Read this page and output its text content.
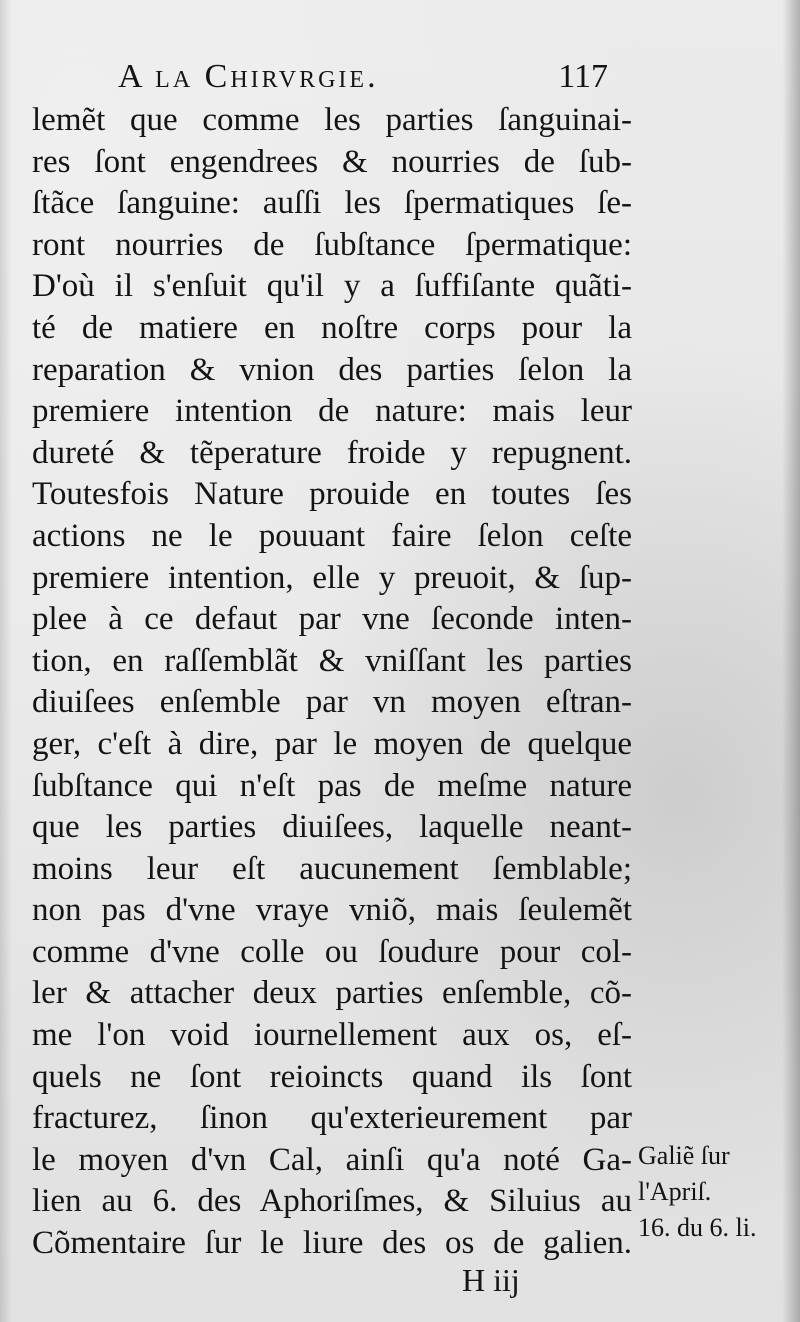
A la Chirvrgie.	117
lemẽt que comme les parties ſanguinai-
res ſont engendrees & nourries de ſub-
ſtãce ſanguine: auſſi les ſpermatiques ſe-
ront nourries de ſubſtance ſpermatique:
D'où il s'enſuit qu'il y a ſuffiſante quãti-
té de matiere en noſtre corps pour la
reparation & vnion des parties ſelon la
premiere intention de nature: mais leur
dureté & tẽperature froide y repugnent.
Toutesfois Nature prouide en toutes ſes
actions ne le pouuant faire ſelon ceſte
premiere intention, elle y preuoit, & ſup-
plee à ce defaut par vne ſeconde inten-
tion, en raſſemblãt & vniſſant les parties
diuiſees enſemble par vn moyen eſtran-
ger, c'eſt à dire, par le moyen de quelque
ſubſtance qui n'eſt pas de meſme nature
que les parties diuiſees, laquelle neant-
moins leur eſt aucunement ſemblable;
non pas d'vne vraye vniõ, mais ſeulemẽt
comme d'vne colle ou ſoudure pour col-
ler & attacher deux parties enſemble, cõ-
me l'on void iournellement aux os, eſ-
quels ne ſont reioincts quand ils ſont
fracturez, ſinon qu'exterieurement par
le moyen d'vn Cal, ainſi qu'a noté Ga-
lien au 6. des Aphoriſmes, & Siluius au
Cõmentaire ſur le liure des os de galien.
Galiẽ ſur
l'Apriſ.
16. du 6. li.
H iij
